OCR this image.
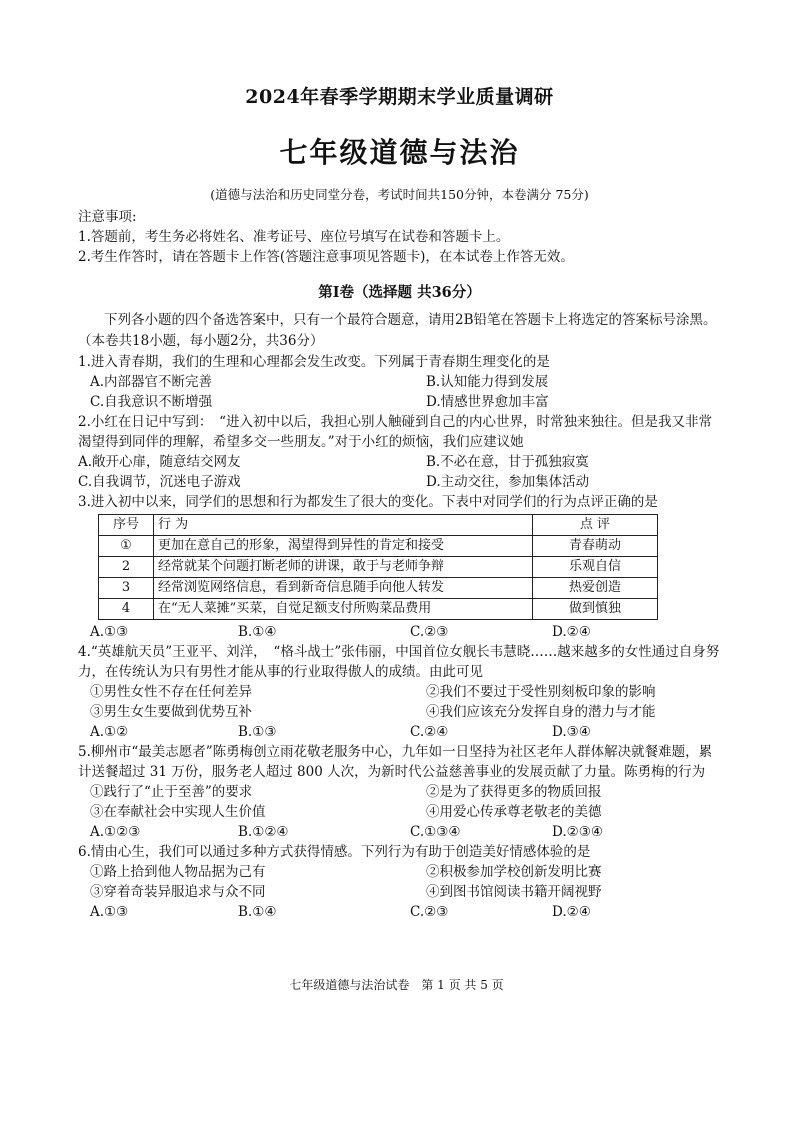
2024年春季学期期末学业质量调研
七年级道德与法治
(道德与法治和历史同堂分卷，考试时间共150分钟，本卷满分 75分)
注意事项:
1.答题前，考生务必将姓名、准考证号、座位号填写在试卷和答题卡上。
2.考生作答时，请在答题卡上作答(答题注意事项见答题卡)，在本试卷上作答无效。
第Ⅰ卷（选择题 共36分）
下列各小题的四个备选答案中，只有一个最符合题意，请用2B铅笔在答题卡上将选定的答案标号涂黑。（本卷共18小题，每小题2分，共36分）
1.进入青春期，我们的生理和心理都会发生改变。下列属于青春期生理变化的是
A.内部器官不断完善	B.认知能力得到发展
C.自我意识不断增强	D.情感世界愈加丰富
2.小红在日记中写到：　“进入初中以后，我担心别人触碰到自己的内心世界，时常独来独往。但是我又非常渴望得到同伴的理解，希望多交一些朋友。”对于小红的烦恼，我们应建议她
A.敞开心扉，随意结交网友	B.不必在意，甘于孤独寂寞
C.自我调节，沉迷电子游戏	D.主动交往，参加集体活动
3.进入初中以来，同学们的思想和行为都发生了很大的变化。下表中对同学们的行为点评正确的是
序号	行 为	点 评
①	更加在意自己的形象，渴望得到异性的肯定和接受	青春萌动
2	经常就某个问题打断老师的讲课，敢于与老师争辩	乐观自信
3	经常浏览网络信息，看到新奇信息随手向他人转发	热爱创造
4	在“无人菜摊”买菜，自觉足额支付所购菜品费用	做到慎独
A.①③	B.①④	C.②③	D.②④
4.“英雄航天员”王亚平、刘洋，　“格斗战士”张伟丽，中国首位女舰长韦慧晓……越来越多的女性通过自身努力，在传统认为只有男性才能从事的行业取得傲人的成绩。由此可见
①男性女性不存在任何差异	②我们不要过于受性别刻板印象的影响
③男生女生要做到优势互补	④我们应该充分发挥自身的潜力与才能
A.①②	B.①③	C.②④	D.③④
5.柳州市“最美志愿者”陈勇梅创立雨花敬老服务中心，九年如一日坚持为社区老年人群体解决就餐难题，累计送餐超过 31 万份，服务老人超过 800 人次，为新时代公益慈善事业的发展贡献了力量。陈勇梅的行为
①践行了“止于至善”的要求	②是为了获得更多的物质回报
③在奉献社会中实现人生价值	④用爱心传承尊老敬老的美德
A.①②③	B.①②④	C.①③④	D.②③④
6.情由心生，我们可以通过多种方式获得情感。下列行为有助于创造美好情感体验的是
①路上拾到他人物品据为己有	②积极参加学校创新发明比赛
③穿着奇装异服追求与众不同	④到图书馆阅读书籍开阔视野
A.①③	B.①④	C.②③	D.②④
七年级道德与法治试卷　第 1 页 共 5 页
